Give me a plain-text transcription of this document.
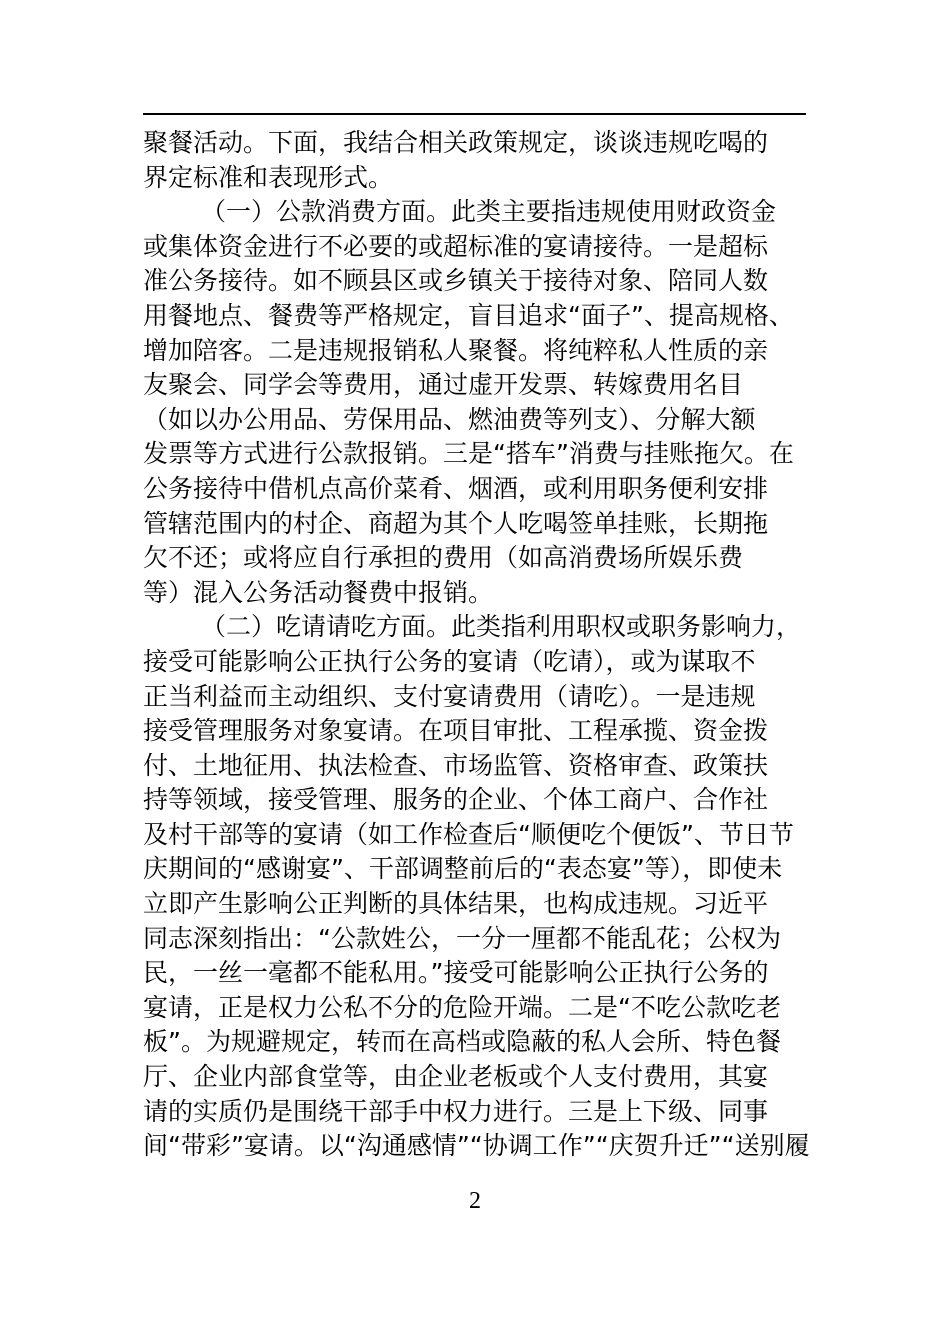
聚餐活动。下面，我结合相关政策规定，谈谈违规吃喝的
界定标准和表现形式。
（一）公款消费方面。此类主要指违规使用财政资金
或集体资金进行不必要的或超标准的宴请接待。一是超标
准公务接待。如不顾县区或乡镇关于接待对象、陪同人数
用餐地点、餐费等严格规定，盲目追求“面子”、提高规格、
增加陪客。二是违规报销私人聚餐。将纯粹私人性质的亲
友聚会、同学会等费用，通过虚开发票、转嫁费用名目
（如以办公用品、劳保用品、燃油费等列支）、分解大额
发票等方式进行公款报销。三是“搭车”消费与挂账拖欠。在
公务接待中借机点高价菜肴、烟酒，或利用职务便利安排
管辖范围内的村企、商超为其个人吃喝签单挂账，长期拖
欠不还；或将应自行承担的费用（如高消费场所娱乐费
等）混入公务活动餐费中报销。
（二）吃请请吃方面。此类指利用职权或职务影响力，
接受可能影响公正执行公务的宴请（吃请），或为谋取不
正当利益而主动组织、支付宴请费用（请吃）。一是违规
接受管理服务对象宴请。在项目审批、工程承揽、资金拨
付、土地征用、执法检查、市场监管、资格审查、政策扶
持等领域，接受管理、服务的企业、个体工商户、合作社
及村干部等的宴请（如工作检查后“顺便吃个便饭”、节日节
庆期间的“感谢宴”、干部调整前后的“表态宴”等），即使未
立即产生影响公正判断的具体结果，也构成违规。习近平
同志深刻指出：“公款姓公，一分一厘都不能乱花；公权为
民，一丝一毫都不能私用。”接受可能影响公正执行公务的
宴请，正是权力公私不分的危险开端。二是“不吃公款吃老
板”。为规避规定，转而在高档或隐蔽的私人会所、特色餐
厅、企业内部食堂等，由企业老板或个人支付费用，其宴
请的实质仍是围绕干部手中权力进行。三是上下级、同事
间“带彩”宴请。以“沟通感情”“协调工作”“庆贺升迁”“送别履
2
